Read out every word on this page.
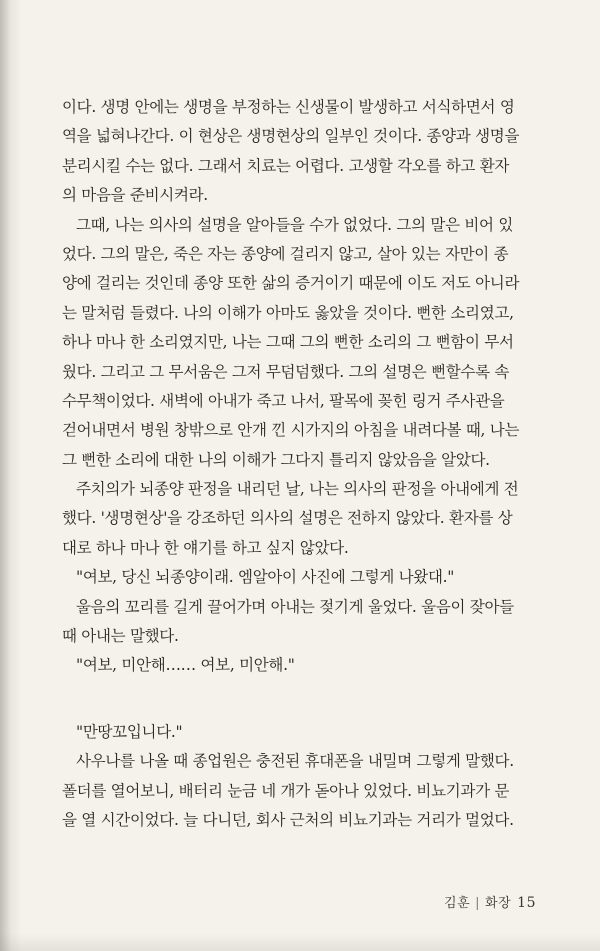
이다. 생명 안에는 생명을 부정하는 신생물이 발생하고 서식하면서 영
역을 넓혀나간다. 이 현상은 생명현상의 일부인 것이다. 종양과 생명을
분리시킬 수는 없다. 그래서 치료는 어렵다. 고생할 각오를 하고 환자
의 마음을 준비시켜라.
그때, 나는 의사의 설명을 알아들을 수가 없었다. 그의 말은 비어 있
었다. 그의 말은, 죽은 자는 종양에 걸리지 않고, 살아 있는 자만이 종
양에 걸리는 것인데 종양 또한 삶의 증거이기 때문에 이도 저도 아니라
는 말처럼 들렸다. 나의 이해가 아마도 옳았을 것이다. 뻔한 소리였고,
하나 마나 한 소리였지만, 나는 그때 그의 뻔한 소리의 그 뻔함이 무서
웠다. 그리고 그 무서움은 그저 무덤덤했다. 그의 설명은 뻔할수록 속
수무책이었다. 새벽에 아내가 죽고 나서, 팔목에 꽂힌 링거 주사관을
걷어내면서 병원 창밖으로 안개 낀 시가지의 아침을 내려다볼 때, 나는
그 뻔한 소리에 대한 나의 이해가 그다지 틀리지 않았음을 알았다.
주치의가 뇌종양 판정을 내리던 날, 나는 의사의 판정을 아내에게 전
했다. '생명현상'을 강조하던 의사의 설명은 전하지 않았다. 환자를 상
대로 하나 마나 한 얘기를 하고 싶지 않았다.
"여보, 당신 뇌종양이래. 엠알아이 사진에 그렇게 나왔대."
울음의 꼬리를 길게 끌어가며 아내는 젖기게 울었다. 울음이 잦아들
때 아내는 말했다.
"여보, 미안해…… 여보, 미안해."
"만땅꼬입니다."
사우나를 나올 때 종업원은 충전된 휴대폰을 내밀며 그렇게 말했다.
폴더를 열어보니, 배터리 눈금 네 개가 돋아나 있었다. 비뇨기과가 문
을 열 시간이었다. 늘 다니던, 회사 근처의 비뇨기과는 거리가 멀었다.
김훈 | 화장 15
